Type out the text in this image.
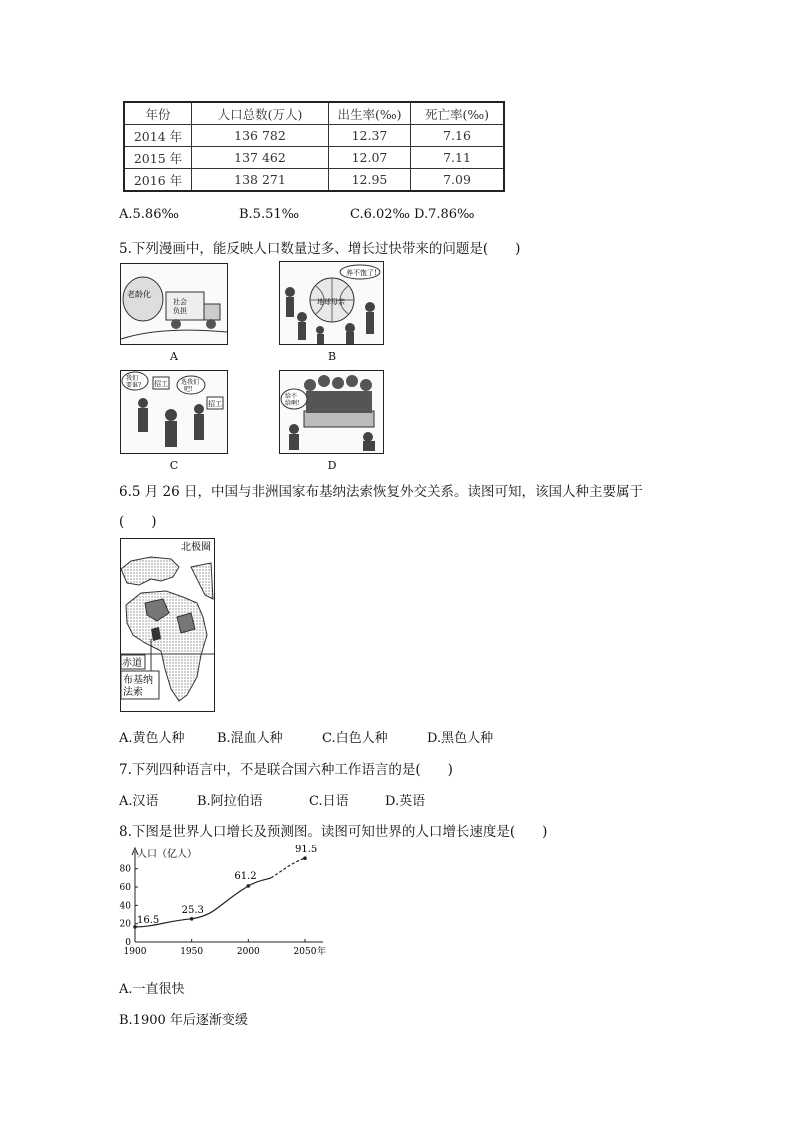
年份	人口总数(万人)	出生率(‰)	死亡率(‰)
2014 年	136 782	12.37	7.16
2015 年	137 462	12.07	7.11
2016 年	138 271	12.95	7.09
A.5.86‰	B.5.51‰	C.6.02‰ D.7.86‰
5.下列漫画中，能反映人口数量过多、增长过快带来的问题是(　　)
老龄化
社会
负担
A
地球母亲
养不饱了!
B
我们
要谁? 招工 选我们
吧!
招工
C
给不
给啊!
D
6.5 月 26 日，中国与非洲国家布基纳法索恢复外交关系。读图可知，该国人种主要属于
(　　)
北极圈
赤道
布基纳
法索
A.黄色人种 B.混血人种	C.白色人种	D.黑色人种
7.下列四种语言中，不是联合国六种工作语言的是(　　)
A.汉语	B.阿拉伯语	C.日语	D.英语
8.下图是世界人口增长及预测图。读图可知世界的人口增长速度是(　　)
人口（亿人）
0
20
40
60
80
1900	1950	2000	2050 年
16.5
25.3
61.2
91.5
A.一直很快
B.1900 年后逐渐变缓
